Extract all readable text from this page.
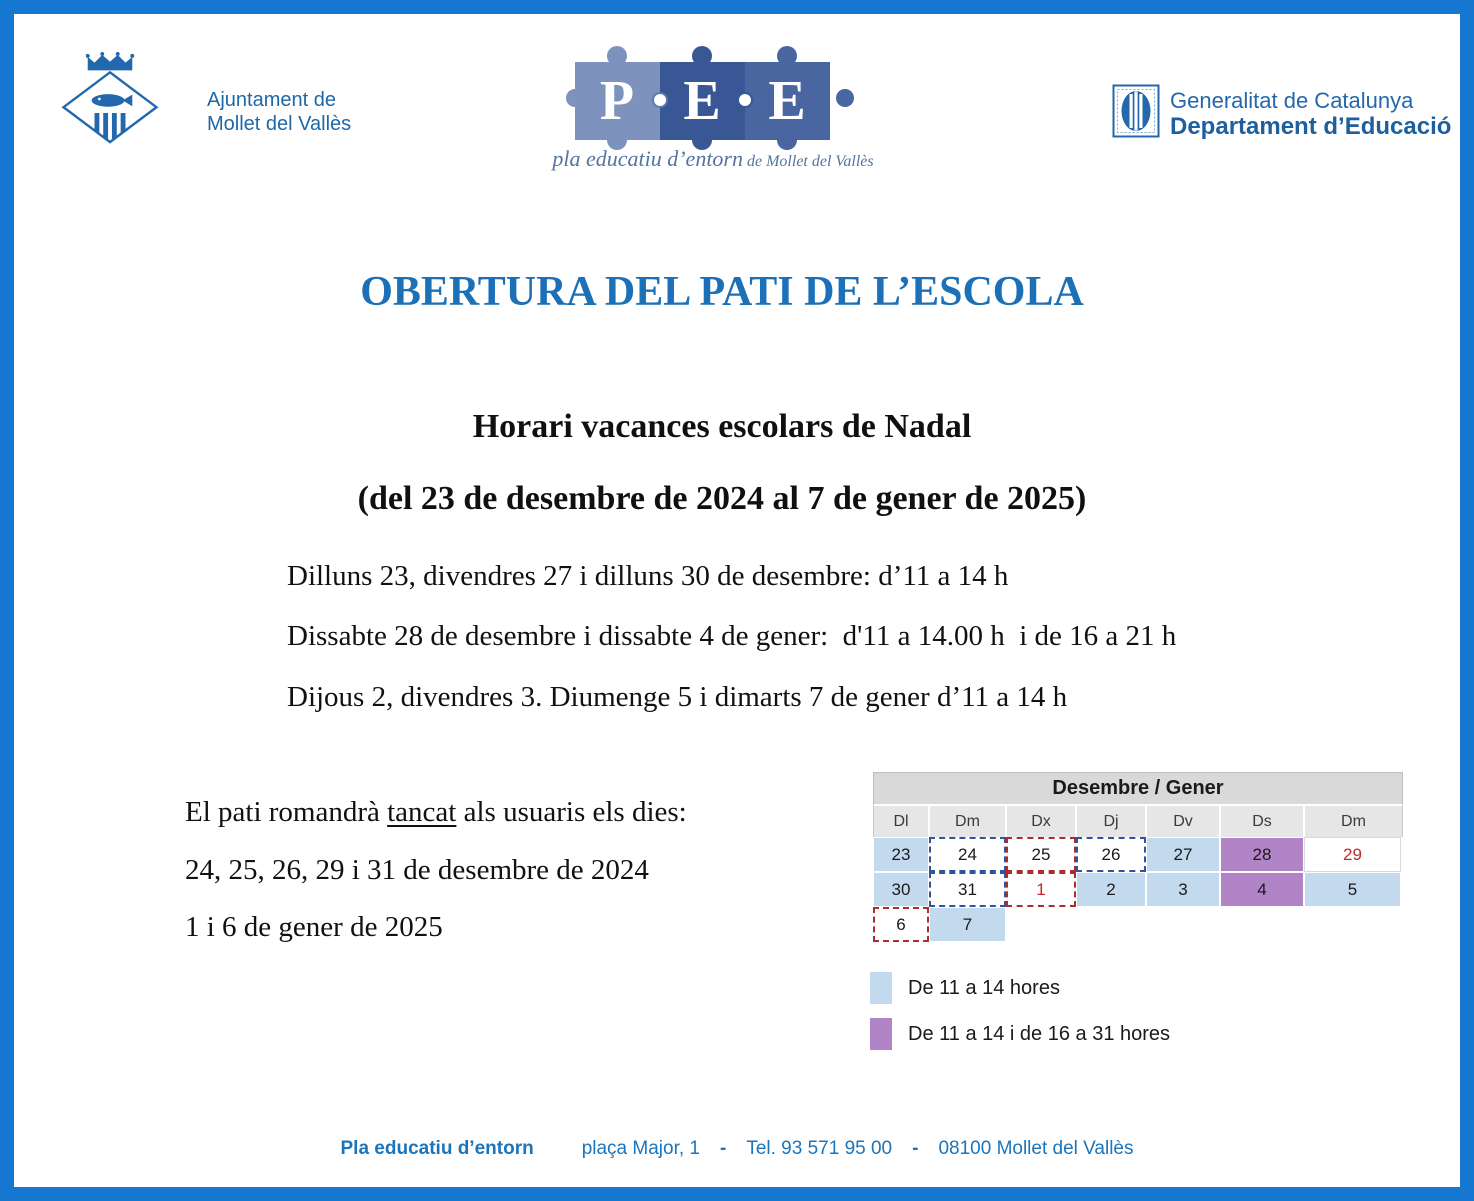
Ajuntament de
Mollet del Vallès	P E E
pla educatiu d’entorn de Mollet del Vallès
Generalitat de Catalunya
Departament d’Educació
OBERTURA DEL PATI DE L’ESCOLA
Horari vacances escolars de Nadal
(del 23 de desembre de 2024 al 7 de gener de 2025)
Dilluns 23, divendres 27 i dilluns 30 de desembre: d’11 a 14 h
Dissabte 28 de desembre i dissabte 4 de gener:  d'11 a 14.00 h  i de 16 a 21 h
Dijous 2, divendres 3. Diumenge 5 i dimarts 7 de gener d’11 a 14 h
El pati romandrà tancat als usuaris els dies:
24, 25, 26, 29 i 31 de desembre de 2024
1 i 6 de gener de 2025
Desembre / Gener
Dl	Dm	Dx	Dj	Dv	Ds	Dm
23	24	25	26	27	28	29
30	31	1	2	3	4	5
6	7
De 11 a 14 hores
De 11 a 14 i de 16 a 31 hores
Pla educatiu d’entorn	plaça Major, 1 - Tel. 93 571 95 00 - 08100 Mollet del Vallès
